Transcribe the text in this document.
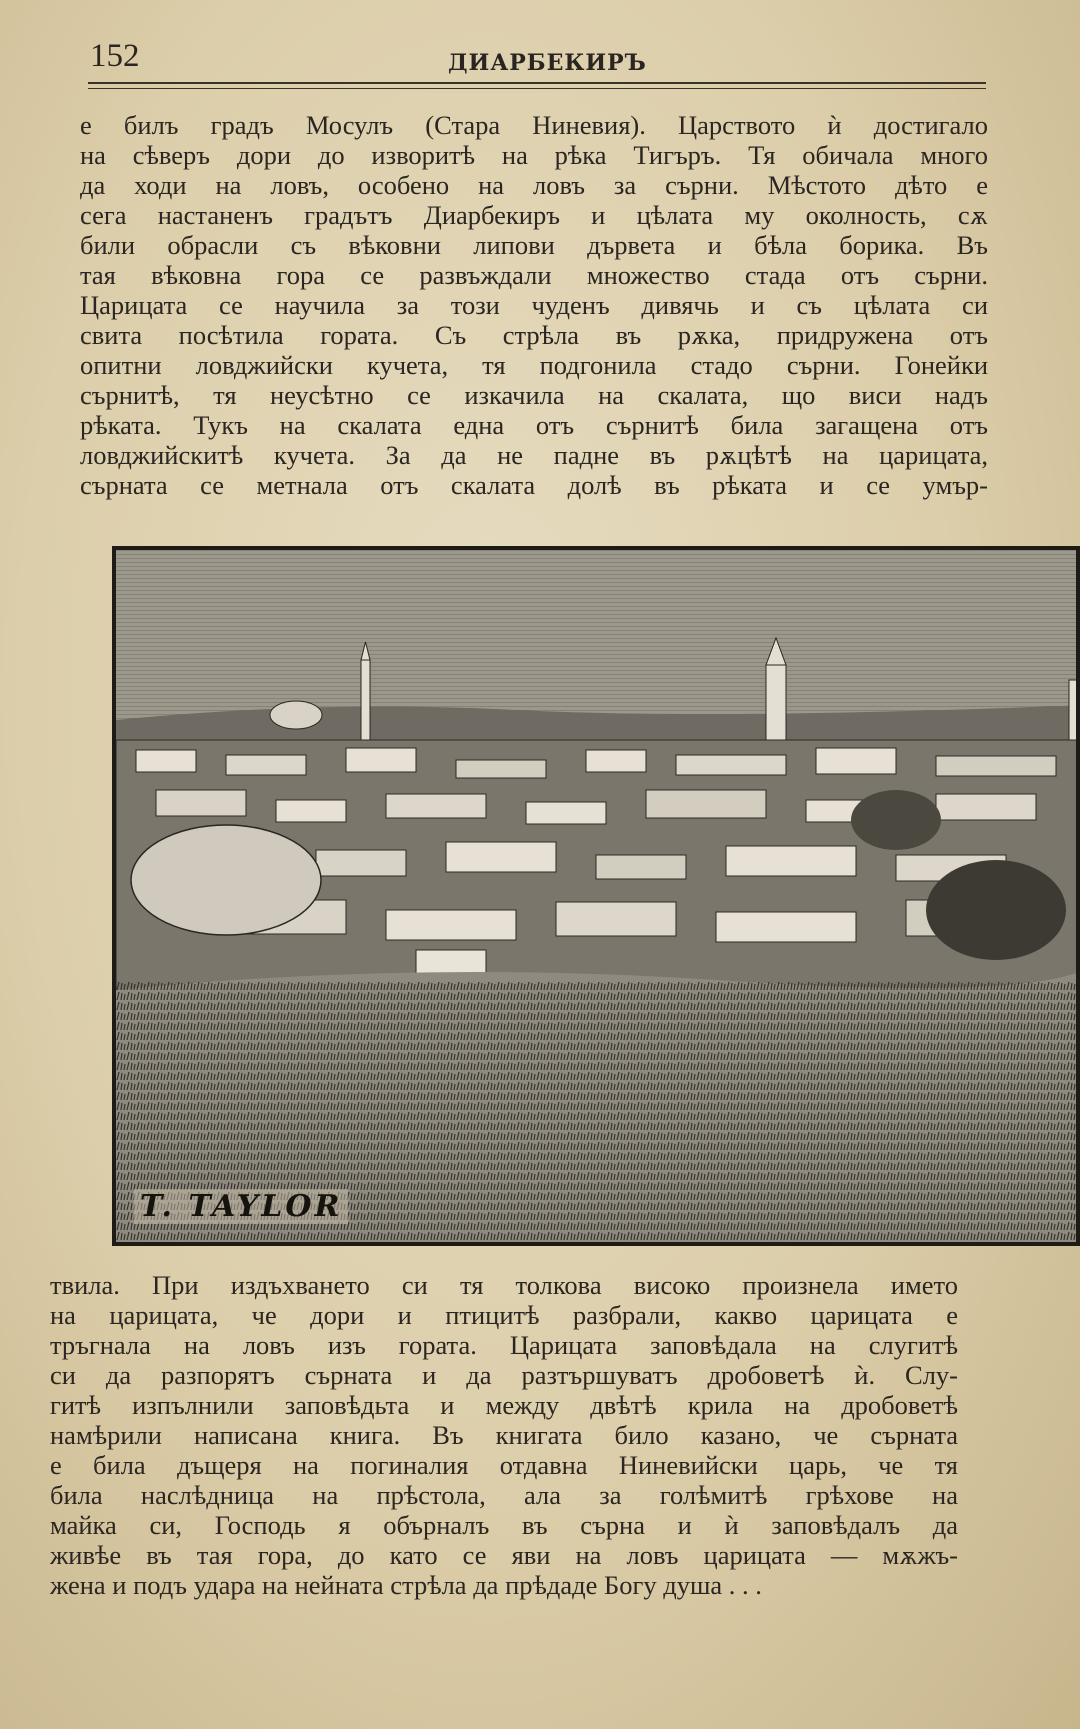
152	ДИАРБЕКИРЪ
е билъ градъ Мосулъ (Стара Ниневия). Царството ѝ достигало
на сѣверъ дори до изворитѣ на рѣка Тигъръ. Тя обичала много
да ходи на ловъ, особено на ловъ за сърни. Мѣстото дѣто е
сега настаненъ градътъ Диарбекиръ и цѣлата му околность, сѫ
били обрасли съ вѣковни липови дървета и бѣла борика. Въ
тая вѣковна гора се развъждали множество стада отъ сърни.
Царицата се научила за този чуденъ дивячь и съ цѣлата си
свита посѣтила гората. Съ стрѣла въ рѫка, придружена отъ
опитни ловджийски кучета, тя подгонила стадо сърни. Гонейки
сърнитѣ, тя неусѣтно се изкачила на скалата, що виси надъ
рѣката. Тукъ на скалата една отъ сърнитѣ била загащена отъ
ловджийскитѣ кучета. За да не падне въ рѫцѣтѣ на царицата,
сърната се метнала отъ скалата долѣ въ рѣката и се умър-
T. TAYLOR
твила. При издъхването си тя толкова високо произнела името
на царицата, че дори и птицитѣ разбрали, какво царицата е
тръгнала на ловъ изъ гората. Царицата заповѣдала на слугитѣ
си да разпорятъ сърната и да разтършуватъ дробоветѣ ѝ. Слу-
гитѣ изпълнили заповѣдьта и между двѣтѣ крила на дробоветѣ
намѣрили написана книга. Въ книгата било казано, че сърната
е била дъщеря на погиналия отдавна Ниневийски царь, че тя
била наслѣдница на прѣстола, ала за голѣмитѣ грѣхове на
майка си, Господь я обърналъ въ сърна и ѝ заповѣдалъ да
живѣе въ тая гора, до като се яви на ловъ царицата — мѫжъ-
жена и подъ удара на нейната стрѣла да прѣдаде Богу душа . . .
